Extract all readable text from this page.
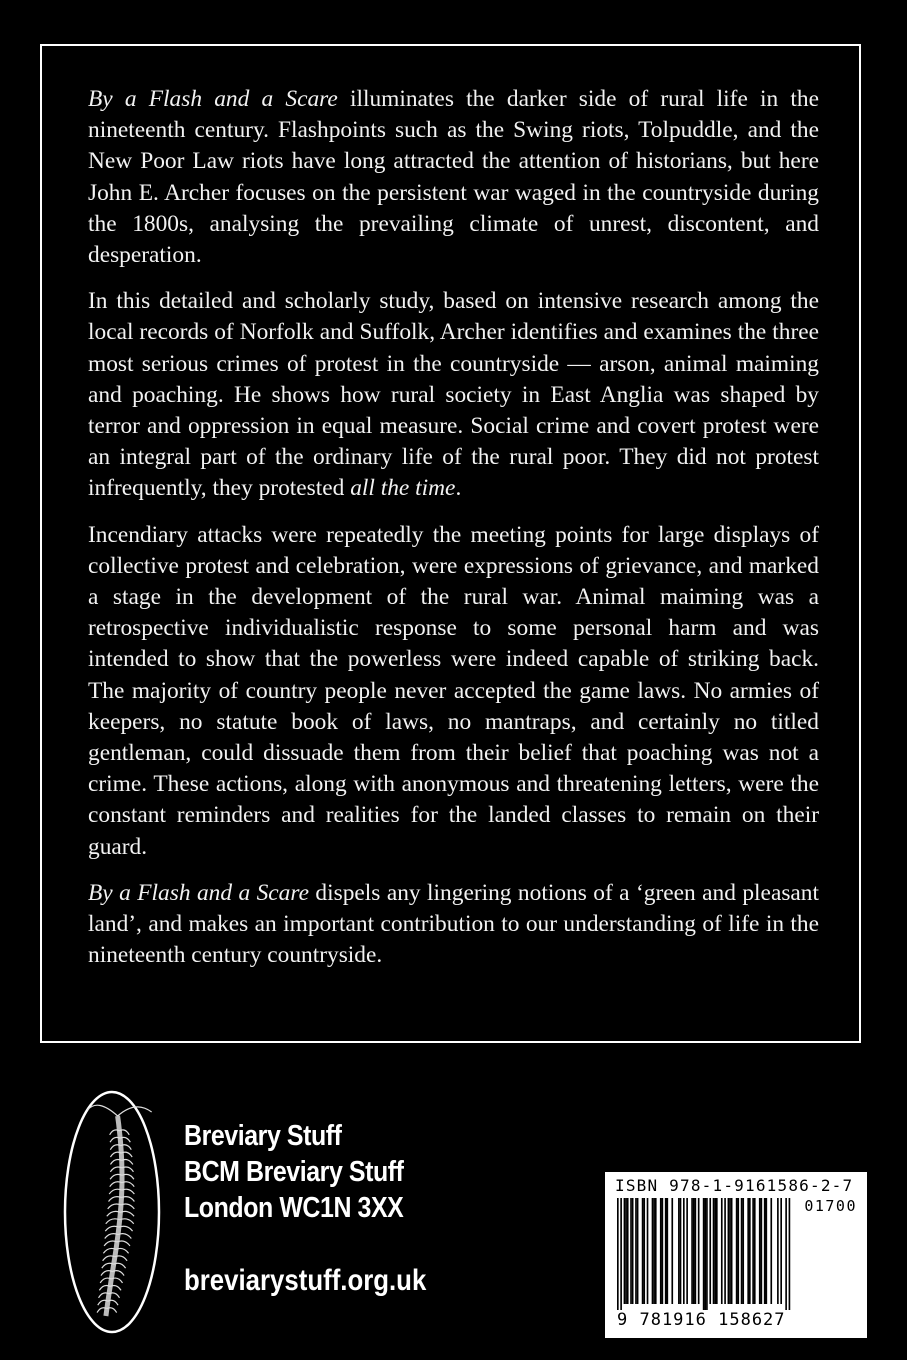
By a Flash and a Scare illuminates the darker side of rural life in the nineteenth century. Flashpoints such as the Swing riots, Tolpuddle, and the New Poor Law riots have long attracted the attention of historians, but here John E. Archer focuses on the persistent war waged in the countryside during the 1800s, analysing the prevailing climate of unrest, discontent, and desperation.

In this detailed and scholarly study, based on intensive research among the local records of Norfolk and Suffolk, Archer identifies and examines the three most serious crimes of protest in the countryside — arson, animal maiming and poaching. He shows how rural society in East Anglia was shaped by terror and oppression in equal measure. Social crime and covert protest were an integral part of the ordinary life of the rural poor. They did not protest infrequently, they protested all the time.

Incendiary attacks were repeatedly the meeting points for large displays of collective protest and celebration, were expressions of grievance, and marked a stage in the development of the rural war. Animal maiming was a retrospective individualistic response to some personal harm and was intended to show that the powerless were indeed capable of striking back. The majority of country people never accepted the game laws. No armies of keepers, no statute book of laws, no mantraps, and certainly no titled gentleman, could dissuade them from their belief that poaching was not a crime. These actions, along with anonymous and threatening letters, were the constant reminders and realities for the landed classes to remain on their guard.

By a Flash and a Scare dispels any lingering notions of a ‘green and pleasant land’, and makes an important contribution to our understanding of life in the nineteenth century countryside.

Breviary Stuff
BCM Breviary Stuff
London WC1N 3XX
breviarystuff.org.uk
ISBN 978-1-9161586-2-7
01700
9 781916 158627
